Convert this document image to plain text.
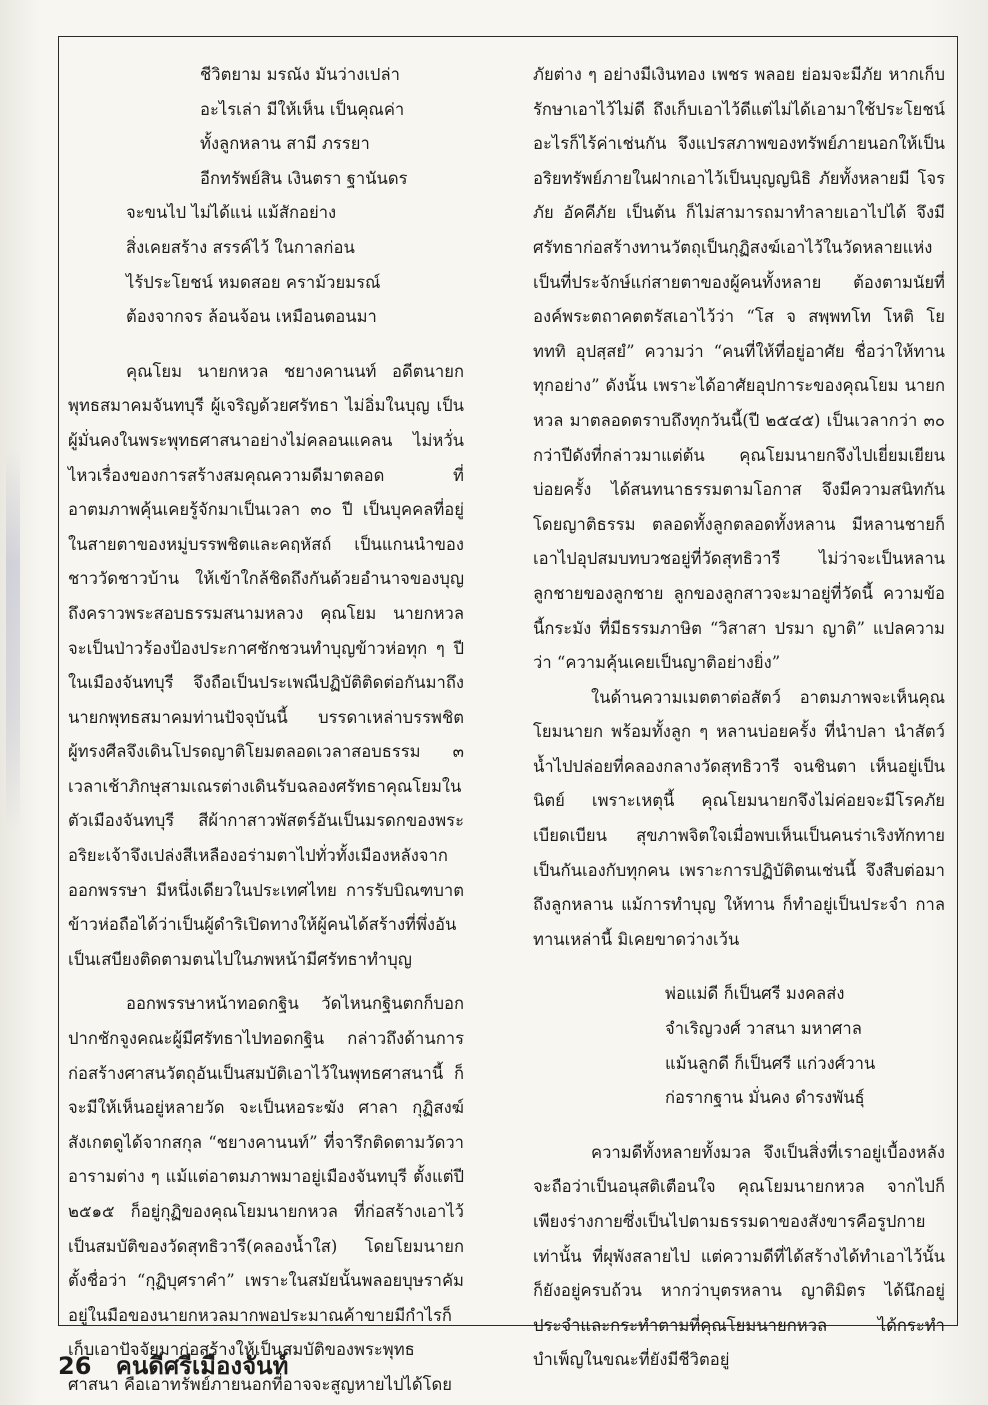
ชีวิตยาม มรณัง มันว่างเปล่า
อะไรเล่า มีให้เห็น เป็นคุณค่า
ทั้งลูกหลาน สามี ภรรยา
อีกทรัพย์สิน เงินตรา ฐานันดร
จะขนไป ไม่ได้แน่ แม้สักอย่าง
สิ่งเคยสร้าง สรรค์ไว้ ในกาลก่อน
ไร้ประโยชน์ หมดสอย คราม้วยมรณ์
ต้องจากจร ล้อนจ้อน เหมือนตอนมา

คุณโยม นายกหวล ชยางคานนท์ อดีตนายกพุทธสมาคมจันทบุรี ผู้เจริญด้วยศรัทธา ไม่อิ่มในบุญ เป็นผู้มั่นคงในพระพุทธศาสนาอย่างไม่คลอนแคลน ไม่หวั่นไหวเรื่องของการสร้างสมคุณความดีมาตลอด ที่อาตมภาพคุ้นเคยรู้จักมาเป็นเวลา ๓๐ ปี เป็นบุคคลที่อยู่ในสายตาของหมู่บรรพชิตและคฤหัสถ์ เป็นแกนนำของชาววัดชาวบ้าน ให้เข้าใกล้ชิดถึงกันด้วยอำนาจของบุญ ถึงคราวพระสอบธรรมสนามหลวง คุณโยม นายกหวล จะเป็นป่าวร้องป้องประกาศชักชวนทำบุญข้าวห่อทุก ๆ ปี ในเมืองจันทบุรี จึงถือเป็นประเพณีปฏิบัติติดต่อกันมาถึงนายกพุทธสมาคมท่านปัจจุบันนี้ บรรดาเหล่าบรรพชิตผู้ทรงศีลจึงเดินโปรดญาติโยมตลอดเวลาสอบธรรม ๓ เวลาเช้าภิกษุสามเณรต่างเดินรับฉลองศรัทธาคุณโยมในตัวเมืองจันทบุรี สีผ้ากาสาวพัสตร์อันเป็นมรดกของพระอริยะเจ้าจึงเปล่งสีเหลืองอร่ามตาไปทั่วทั้งเมืองหลังจากออกพรรษา มีหนึ่งเดียวในประเทศไทย การรับบิณฑบาตข้าวห่อถือได้ว่าเป็นผู้ดำริเปิดทางให้ผู้คนได้สร้างที่พึ่งอันเป็นเสบียงติดตามตนไปในภพหน้ามีศรัทธาทำบุญ

ออกพรรษาหน้าทอดกฐิน วัดไหนกฐินตกก็บอกปากชักจูงคณะผู้มีศรัทธาไปทอดกฐิน กล่าวถึงด้านการก่อสร้างศาสนวัตถุอันเป็นสมบัติเอาไว้ในพุทธศาสนานี้ ก็จะมีให้เห็นอยู่หลายวัด จะเป็นหอระฆัง ศาลา กุฏิสงฆ์ สังเกตดูได้จากสกุล “ชยางคานนท์” ที่จารึกติดตามวัดวาอารามต่าง ๆ แม้แต่อาตมภาพมาอยู่เมืองจันทบุรี ตั้งแต่ปี ๒๕๑๕ ก็อยู่กุฏิของคุณโยมนายกหวล ที่ก่อสร้างเอาไว้ เป็นสมบัติของวัดสุทธิวารี(คลองน้ำใส) โดยโยมนายก ตั้งชื่อว่า “กุฏิบุศราคำ” เพราะในสมัยนั้นพลอยบุษราคัมอยู่ในมือของนายกหวลมากพอประมาณค้าขายมีกำไรก็เก็บเอาปัจจัยมาก่อสร้างให้เป็นสมบัติของพระพุทธศาสนา คือเอาทรัพย์ภายนอกที่อาจจะสูญหายไปได้โดย

ภัยต่าง ๆ อย่างมีเงินทอง เพชร พลอย ย่อมจะมีภัย หากเก็บรักษาเอาไว้ไม่ดี ถึงเก็บเอาไว้ดีแต่ไม่ได้เอามาใช้ประโยชน์อะไรก็ไร้ค่าเช่นกัน จึงแปรสภาพของทรัพย์ภายนอกให้เป็นอริยทรัพย์ภายในฝากเอาไว้เป็นบุญญนิธิ ภัยทั้งหลายมี โจรภัย อัคคีภัย เป็นต้น ก็ไม่สามารถมาทำลายเอาไปได้ จึงมีศรัทธาก่อสร้างทานวัตถุเป็นกุฏิสงฆ์เอาไว้ในวัดหลายแห่ง เป็นที่ประจักษ์แก่สายตาของผู้คนทั้งหลาย ต้องตามนัยที่องค์พระตถาคตตรัสเอาไว้ว่า “โส จ สพฺพทโท โหติ โย ทททิ อุปสฺสยํ” ความว่า “คนที่ให้ที่อยู่อาศัย ชื่อว่าให้ทานทุกอย่าง” ดังนั้น เพราะได้อาศัยอุปการะของคุณโยม นายกหวล มาตลอดตราบถึงทุกวันนี้(ปี ๒๕๔๕) เป็นเวลากว่า ๓๐ กว่าปีดังที่กล่าวมาแต่ต้น คุณโยมนายกจึงไปเยี่ยมเยียนบ่อยครั้ง ได้สนทนาธรรมตามโอกาส จึงมีความสนิทกันโดยญาติธรรม ตลอดทั้งลูกตลอดทั้งหลาน มีหลานชายก็เอาไปอุปสมบทบวชอยู่ที่วัดสุทธิวารี ไม่ว่าจะเป็นหลานลูกชายของลูกชาย ลูกของลูกสาวจะมาอยู่ที่วัดนี้ ความข้อนี้กระมัง ที่มีธรรมภาษิต “วิสาสา ปรมา ญาติ” แปลความว่า “ความคุ้นเคยเป็นญาติอย่างยิ่ง”

ในด้านความเมตตาต่อสัตว์ อาตมภาพจะเห็นคุณโยมนายก พร้อมทั้งลูก ๆ หลานบ่อยครั้ง ที่นำปลา นำสัตว์น้ำไปปล่อยที่คลองกลางวัดสุทธิวารี จนชินตา เห็นอยู่เป็นนิตย์ เพราะเหตุนี้ คุณโยมนายกจึงไม่ค่อยจะมีโรคภัยเบียดเบียน สุขภาพจิตใจเมื่อพบเห็นเป็นคนร่าเริงทักทายเป็นกันเองกับทุกคน เพราะการปฏิบัติตนเช่นนี้ จึงสืบต่อมาถึงลูกหลาน แม้การทำบุญ ให้ทาน ก็ทำอยู่เป็นประจำ กาลทานเหล่านี้ มิเคยขาดว่างเว้น

พ่อแม่ดี ก็เป็นศรี มงคลส่ง
จำเริญวงศ์ วาสนา มหาศาล
แม้นลูกดี ก็เป็นศรี แก่วงศ์วาน
ก่อรากฐาน มั่นคง ดำรงพันธุ์

ความดีทั้งหลายทั้งมวล จึงเป็นสิ่งที่เราอยู่เบื้องหลังจะถือว่าเป็นอนุสติเตือนใจ คุณโยมนายกหวล จากไปก็เพียงร่างกายซึ่งเป็นไปตามธรรมดาของสังขารคือรูปกายเท่านั้น ที่ผุพังสลายไป แต่ความดีที่ได้สร้างได้ทำเอาไว้นั้น ก็ยังอยู่ครบถ้วน หากว่าบุตรหลาน ญาติมิตร ได้นึกอยู่ประจำและกระทำตามที่คุณโยมนายกหวล ได้กระทำบำเพ็ญในขณะที่ยังมีชีวิตอยู่

26 คนดีศรีเมืองจันท์
